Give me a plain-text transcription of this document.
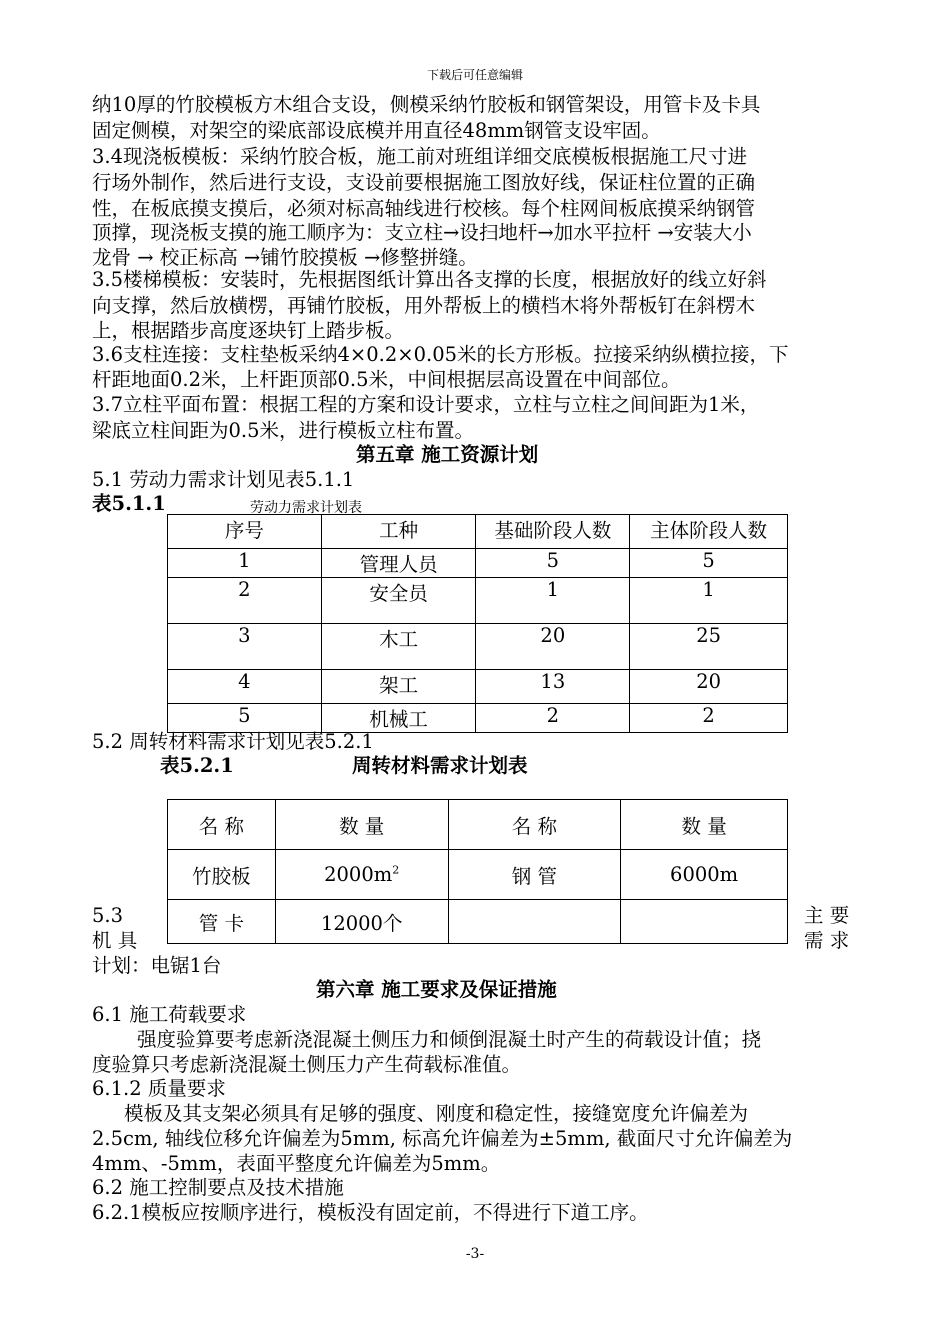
下载后可任意编辑
纳10厚的竹胶模板方木组合支设，侧模采纳竹胶板和钢管架设，用管卡及卡具
固定侧模，对架空的梁底部设底模并用直径48mm钢管支设牢固。
3.4现浇板模板：采纳竹胶合板，施工前对班组详细交底模板根据施工尺寸进
行场外制作，然后进行支设，支设前要根据施工图放好线，保证柱位置的正确
性，在板底摸支摸后，必须对标高轴线进行校核。每个柱网间板底摸采纳钢管
顶撑，现浇板支摸的施工顺序为：支立柱→设扫地杆→加水平拉杆 →安装大小
龙骨 → 校正标高 →铺竹胶摸板 →修整拼缝。
3.5楼梯模板：安装时，先根据图纸计算出各支撑的长度，根据放好的线立好斜
向支撑，然后放横楞，再铺竹胶板，用外帮板上的横档木将外帮板钉在斜楞木
上，根据踏步高度逐块钉上踏步板。
3.6支柱连接：支柱垫板采纳4×0.2×0.05米的长方形板。拉接采纳纵横拉接，下
杆距地面0.2米，上杆距顶部0.5米，中间根据层高设置在中间部位。
3.7立柱平面布置：根据工程的方案和设计要求，立柱与立柱之间间距为1米，
梁底立柱间距为0.5米，进行模板立柱布置。
第五章 施工资源计划
5.1 劳动力需求计划见表5.1.1
表5.1.1	劳动力需求计划表
序号	工种	基础阶段人数	主体阶段人数
1	管理人员	5	5
2	安全员	1	1
3	木工	20	25
4	架工	13	20
5	机械工	2	2
5.2 周转材料需求计划见表5.2.1
表5.2.1	周转材料需求计划表
名 称	数 量	名 称	数 量
竹胶板	$2000m^2$	钢 管	6000m
管 卡	12000个		
5.3
机 具
主 要
需 求
计划：电锯1台
第六章 施工要求及保证措施
6.1 施工荷载要求
强度验算要考虑新浇混凝土侧压力和倾倒混凝土时产生的荷载设计值；挠
度验算只考虑新浇混凝土侧压力产生荷载标准值。
6.1.2 质量要求
模板及其支架必须具有足够的强度、刚度和稳定性，接缝宽度允许偏差为
2.5cm, 轴线位移允许偏差为5mm, 标高允许偏差为±5mm, 截面尺寸允许偏差为
4mm、-5mm，表面平整度允许偏差为5mm。
6.2 施工控制要点及技术措施
6.2.1模板应按顺序进行，模板没有固定前，不得进行下道工序。
-3-
